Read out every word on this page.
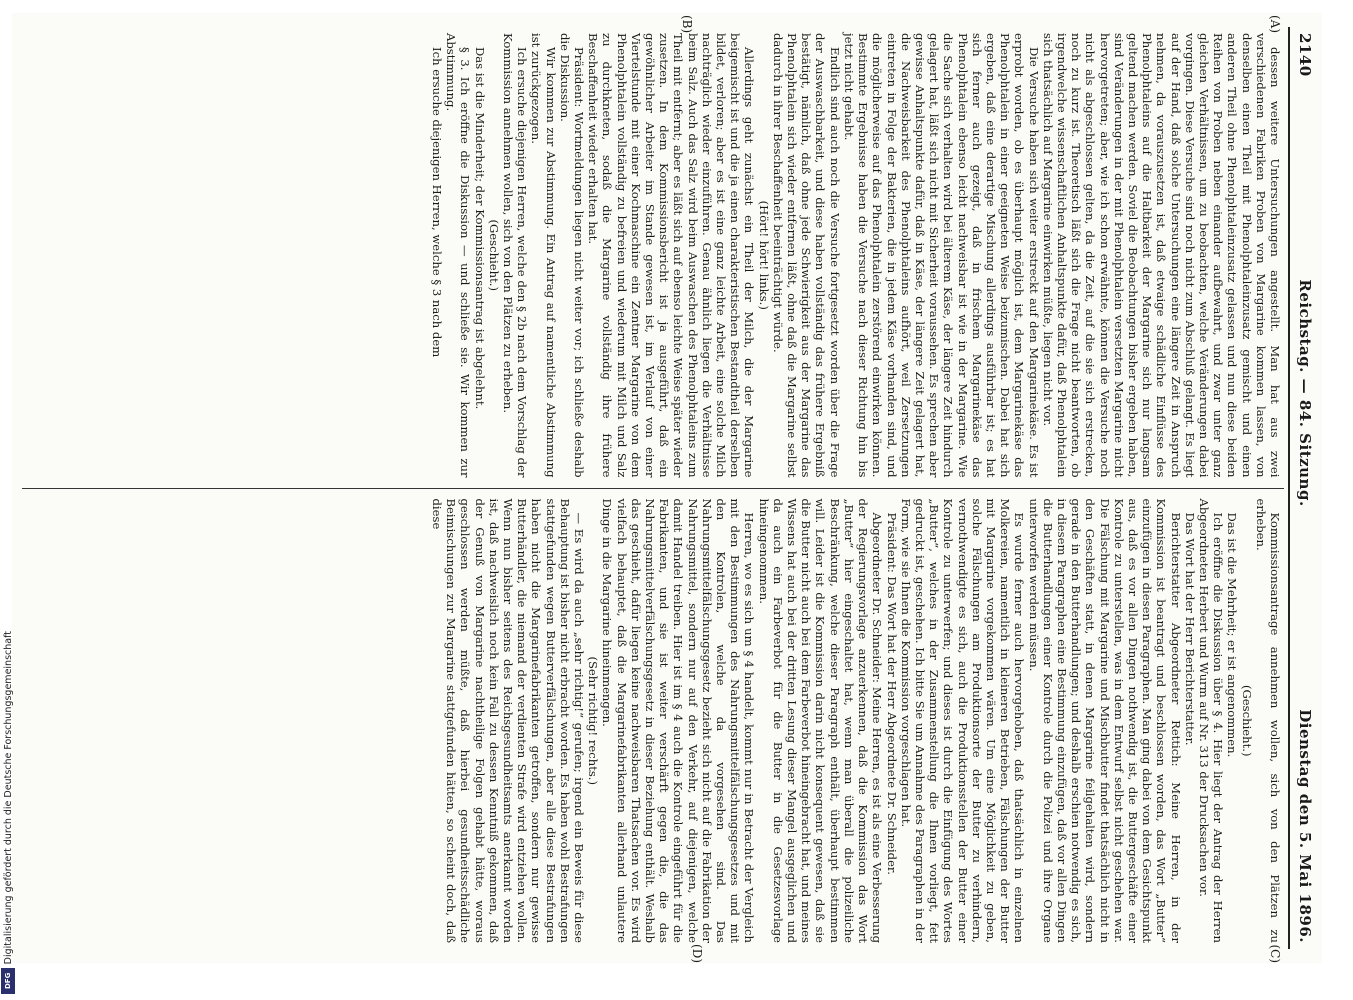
2140
Reichstag. — 84. Sitzung.
Dienstag den 5. Mai 1896.

dessen weitere Untersuchungen angestellt. Man hat aus zwei verschiedenen Fabriken Proben von Margarine kommen lassen, von denselben einen Theil mit Phenolphtaleinzusatz gemischt und einen anderen Theil ohne Phenolphtaleinzusatz gelassen und nun diese beiden Reihen von Proben neben einander aufbewahrt, und zwar unter ganz gleichen Verhältnissen, um zu beobachten, welche Veränderungen dabei vorgingen. Diese Versuche sind noch nicht zum Abschluß gelangt. Es liegt auf der Hand, daß solche Untersuchungen eine längere Zeit in Anspruch nehmen, da vorauszusetzen ist, daß etwaige schädliche Einflüsse des Phenolphtaleins auf die Haltbarkeit der Margarine sich nur langsam geltend machen werden. Soviel die Beobachtungen bisher ergeben haben, sind Veränderungen in der mit Phenolphtalein versetzten Margarine nicht hervorgetreten; aber, wie ich schon erwähnte, können die Versuche noch nicht als abgeschlossen gelten, da die Zeit, auf die sie sich erstrecken, noch zu kurz ist. Theoretisch läßt sich die Frage nicht beantworten, ob irgendwelche wissenschaftlichen Anhaltspunkte dafür, daß Phenolphtalein sich thatsächlich auf Margarine einwirken müßte, liegen nicht vor.

Die Versuche haben sich weiter erstreckt auf den Margarinekäse. Es ist erprobt worden, ob es überhaupt möglich ist, dem Margarinekäse das Phenolphtalein in einer geeigneten Weise beizumischen. Dabei hat sich ergeben, daß eine derartige Mischung allerdings ausführbar ist; es hat sich ferner auch gezeigt, daß in frischem Margarinekäse das Phenolphtalein ebenso leicht nachweisbar ist wie in der Margarine. Wie die Sache sich verhalten wird bei älterem Käse, der längere Zeit hindurch gelagert hat, läßt sich nicht mit Sicherheit voraussehen. Es sprechen aber gewisse Anhaltspunkte dafür, daß in Käse, der längere Zeit gelagert hat, die Nachweisbarkeit des Phenolphtaleins aufhört, weil Zersetzungen eintreten in Folge der Bakterien, die in jedem Käse vorhanden sind, und die möglicherweise auf das Phenolphtalein zerstörend einwirken können. Bestimmte Ergebnisse haben die Versuche nach dieser Richtung hin bis jetzt nicht gehabt.

Endlich sind auch noch die Versuche fortgesetzt worden über die Frage der Auswaschbarkeit, und diese haben vollständig das frühere Ergebniß bestätigt, nämlich, daß ohne jede Schwierigkeit aus der Margarine das Phenolphtalein sich wieder entfernen läßt, ohne daß die Margarine selbst dadurch in ihrer Beschaffenheit beeinträchtigt würde.

(Hört! hört! links.)

Allerdings geht zunächst ein Theil der Milch, die der Margarine beigemischt ist und die ja einen charakteristischen Bestandtheil derselben bildet, verloren; aber es ist eine ganz leichte Arbeit, eine solche Milch nachträglich wieder einzuführen. Genau ähnlich liegen die Verhältnisse beim Salz. Auch das Salz wird beim Auswaschen des Phenolphtaleins zum Theil mit entfernt; aber es läßt sich auf ebenso leichte Weise später wieder zusetzen. In dem Kommissionsbericht ist ja ausgeführt, daß ein gewöhnlicher Arbeiter im Stande gewesen ist, im Verlauf von einer Viertelstunde mit einer Kochmaschine ein Zentner Margarine von dem Phenolphtalein vollständig zu befreien und wiederum mit Milch und Salz zu durchkneten, sodaß die Margarine vollständig ihre frühere Beschaffenheit wieder erhalten hat.

Präsident: Wortmeldungen liegen nicht weiter vor; ich schließe deshalb die Diskussion.

Wir kommen zur Abstimmung. Ein Antrag auf namentliche Abstimmung ist zurückgezogen.

Ich ersuche diejenigen Herren, welche den § 2b nach dem Vorschlag der Kommission annehmen wollen, sich von den Plätzen zu erheben.

(Geschieht.)

Das ist die Minderheit; der Kommissionsantrag ist abgelehnt.

§ 3. Ich eröffne die Diskussion — und schließe sie. Wir kommen zur Abstimmung.

Ich ersuche diejenigen Herren, welche § 3 nach dem

Kommissionsantrage annehmen wollen, sich von den Plätzen zu erheben.

(Geschieht.)

Das ist die Mehrheit; er ist angenommen.

Ich eröffne die Diskussion über § 4. Hier liegt der Antrag der Herren Abgeordneten Herbert und Wurm auf Nr. 313 der Drucksachen vor.

Das Wort hat der Herr Berichterstatter.

Berichterstatter Abgeordneter Rettich: Meine Herren, in der Kommission ist beantragt und beschlossen worden, das Wort „Butter“ einzufügen in diesen Paragraphen. Man ging dabei von dem Gesichtspunkt aus, daß es vor allen Dingen nothwendig ist, die Buttergeschäfte einer Kontrole zu unterstellen, was in dem Entwurf selbst nicht geschehen war. Die Fälschung mit Margarine und Mischbutter findet thatsächlich nicht in den Geschäften statt, in denen Margarine feilgehalten wird, sondern gerade in den Butterhandlungen; und deshalb erschien notwendig es sich, in diesem Paragraphen eine Bestimmung einzufügen, daß vor allen Dingen die Butterhandlungen einer Kontrole durch die Polizei und ihre Organe unterworfen werden müssen.

Es wurde ferner auch hervorgehoben, daß thatsächlich in einzelnen Molkereien, namentlich in kleineren Betrieben, Fälschungen der Butter mit Margarine vorgekommen wären. Um eine Möglichkeit zu geben, solche Fälschungen am Produktionsorte der Butter zu verhindern, vernothwendigte es sich, auch die Produktionsstellen der Butter einer Kontrole zu unterwerfen; und dieses ist durch die Einfügung des Wortes „Butter“, welches in der Zusammenstellung die Ihnen vorliegt, fett gedruckt ist, geschehen. Ich bitte Sie um Annahme des Paragraphen in der Form, wie sie Ihnen die Kommission vorgeschlagen hat.

Präsident: Das Wort hat der Herr Abgeordnete Dr. Schneider.

Abgeordneter Dr. Schneider: Meine Herren, es ist als eine Verbesserung der Regierungsvorlage anzuerkennen, daß die Kommission das Wort „Butter“ hier eingeschaltet hat, wenn man überall die polizeiliche Beschränkung, welche dieser Paragraph enthält, überhaupt bestimmen will. Leider ist die Kommission darin nicht konsequent gewesen, daß sie die Butter nicht auch bei dem Farbeverbot hineingebracht hat, und meines Wissens hat auch bei der dritten Lesung dieser Mangel ausgeglichen und da auch ein Farbeverbot für die Butter in die Gesetzesvorlage hineingenommen.

Herren, wo es sich um § 4 handelt, kommt nur in Betracht der Vergleich mit den Bestimmungen des Nahrungsmittelfälschungsgesetzes und mit den Kontrolen, welche da vorgesehen sind. Das Nahrungsmittelfälschungsgesetz bezieht sich nicht auf die Fabrikation der Nahrungsmittel, sondern nur auf den Verkehr, auf diejenigen, welche damit Handel treiben. Hier ist im § 4 auch die Kontrole eingeführt für die Fabrikanten, und sie ist weiter verschärft gegen die, die das Nahrungsmittelverfälschungsgesetz in dieser Beziehung enthält. Weshalb das geschieht, dafür liegen keine nachweisbaren Thatsachen vor. Es wird vielfach behauptet, daß die Margarinefabrikanten allerhand unlautere Dinge in die Margarine hineinmengen.

(Sehr richtig! rechts.)

— Es wird da auch „sehr richtig!“ gerufen; irgend ein Beweis für diese Behauptung ist bisher nicht erbracht worden. Es haben wohl Bestrafungen stattgefunden wegen Butterverfälschungen, aber alle diese Bestrafungen haben nicht die Margarinefabrikanten getroffen, sondern nur gewisse Butterhändler, die niemand der verdienten Strafe wird entziehen wollen. Wenn nun bisher seitens des Reichsgesundheitsamts anerkannt worden ist, daß nachweislich noch kein Fall zu dessen Kenntniß gekommen, daß der Genuß von Margarine nachtheilige Folgen gehabt hätte, woraus geschlossen werden müßte, daß hierbei gesundheitsschädliche Beimischungen zur Margarine stattgefunden hätten, so scheint doch, daß diese

(A)
(B)
(C)
(D)
Digitalisierung gefördert durch die Deutsche Forschungsgemeinschaft
DFG
